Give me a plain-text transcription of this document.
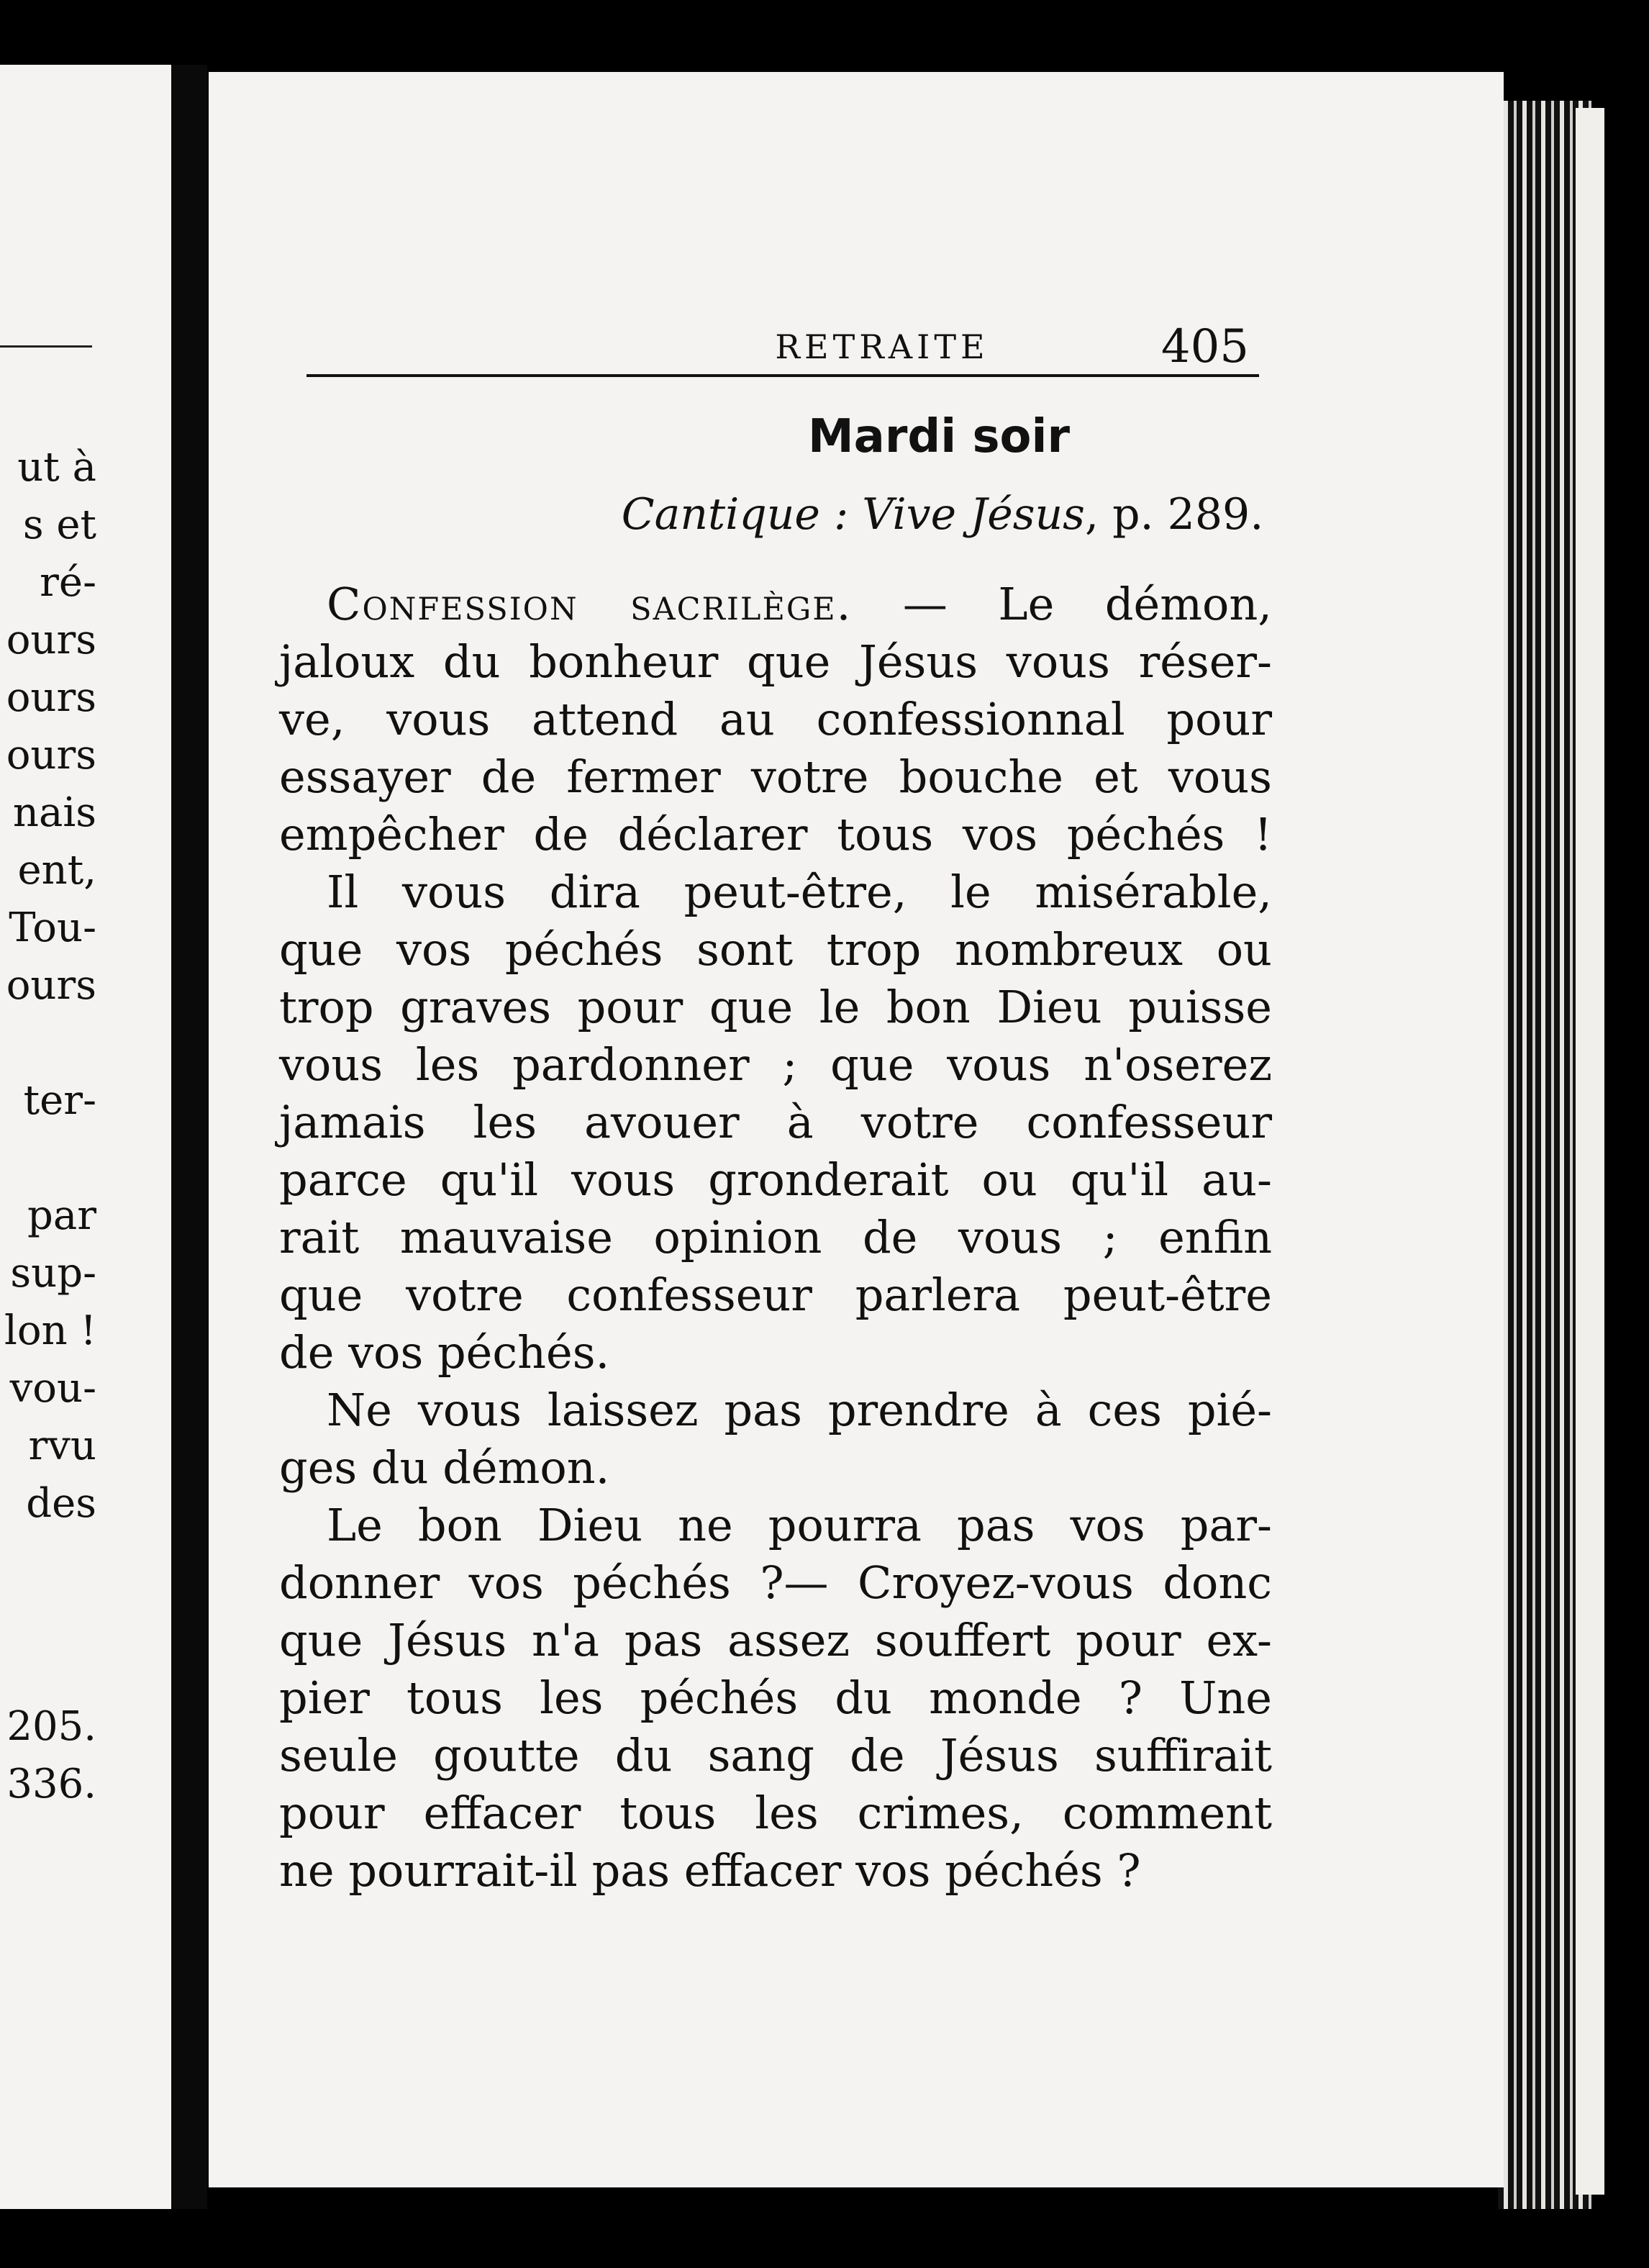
ut à
s et
ré-
ours
ours
ours
nais
ent,
Tou-
ours
ter-
par
sup-
lon !
vou-
rvu
des
205.
336.
RETRAITE	405
Mardi soir
Cantique : Vive Jésus, p. 289.
Confession sacrilège. — Le démon,
jaloux du bonheur que Jésus vous réser-
ve, vous attend au confessionnal pour
essayer de fermer votre bouche et vous
empêcher de déclarer tous vos péchés !
Il vous dira peut-être, le misérable,
que vos péchés sont trop nombreux ou
trop graves pour que le bon Dieu puisse
vous les pardonner ; que vous n'oserez
jamais les avouer à votre confesseur
parce qu'il vous gronderait ou qu'il au-
rait mauvaise opinion de vous ; enfin
que votre confesseur parlera peut-être
de vos péchés.
Ne vous laissez pas prendre à ces pié-
ges du démon.
Le bon Dieu ne pourra pas vos par-
donner vos péchés ?— Croyez-vous donc
que Jésus n'a pas assez souffert pour ex-
pier tous les péchés du monde ? Une
seule goutte du sang de Jésus suffirait
pour effacer tous les crimes, comment
ne pourrait-il pas effacer vos péchés ?
